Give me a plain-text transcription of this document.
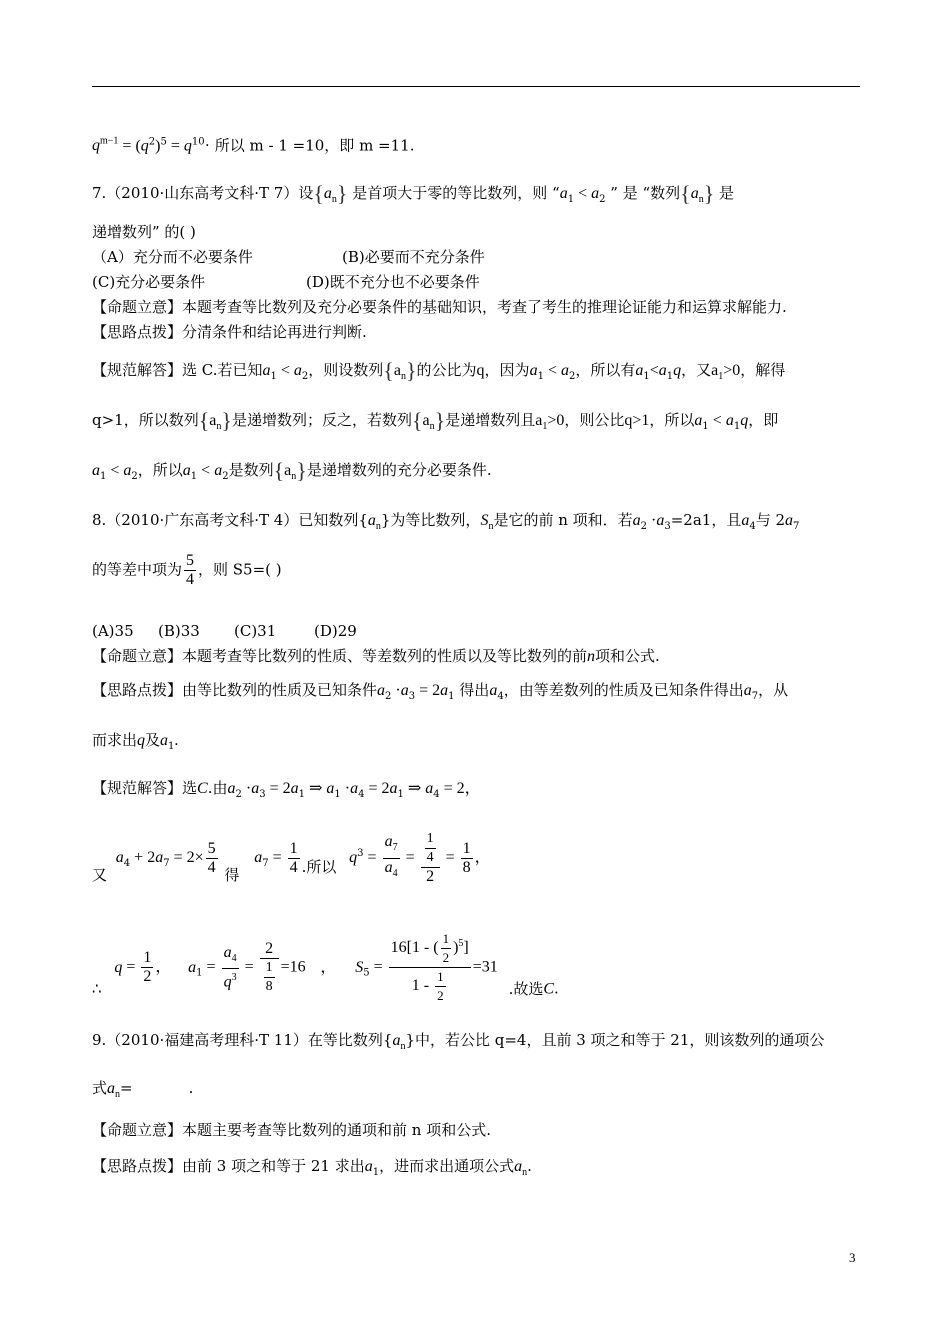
$q^{m-1} = (q^2)^5 = q^{10}\cdot$ 所以 m - 1 =10，即 m =11.
7.（2010·山东高考文科·T 7）设$\{a_n\}$ 是首项大于零的等比数列，则 “$a_1 < a_2$ ” 是 “数列$\{a_n\}$ 是
递增数列” 的( )
（A）充分而不必要条件	(B)必要而不充分条件
(C)充分必要条件	(D)既不充分也不必要条件
【命题立意】本题考查等比数列及充分必要条件的基础知识，考查了考生的推理论证能力和运算求解能力.
【思路点拨】分清条件和结论再进行判断.
【规范解答】选 C.若已知$a_1 < a_2$，则设数列$\{a_n\}$的公比为q，因为$a_1 < a_2$，所以有$a_1<a_1q$，又$a_1>0$，解得
q>1，所以数列$\{a_n\}$是递增数列；反之，若数列$\{a_n\}$是递增数列且$a_1>0$，则公比q>1，所以$a_1 < a_1q$，即
$a_1 < a_2$，所以$a_1 < a_2$是数列$\{a_n\}$是递增数列的充分必要条件.
8.（2010·广东高考文科·T 4）已知数列$\{a_n\}$为等比数列，$S_n$是它的前 n 项和．若$a_2 \cdot a_3=2a1$，且$a_4$与 $2a_7$
的等差中项为 $\frac{5}{4}$ ，则 S5=( )
(A)35 (B)33 (C)31	(D)29
【命题立意】本题考查等比数列的性质、等差数列的性质以及等比数列的前n项和公式.
【思路点拨】由等比数列的性质及已知条件$a_2 \cdot a_3 = 2a_1$ 得出$a_4$，由等差数列的性质及已知条件得出$a_7$，从
而求出q及$a_1$.
【规范解答】选C.由$a_2 \cdot a_3 = 2a_1$ ⇒ $a_1 \cdot a_4 = 2a_1$ ⇒ $a_4 = 2$，
又 $a_4 + 2a_7 = 2\times \frac{5}{4}$ 得 $a_7 = \frac{1}{4}$ .所以 $q^3 = \frac{a_7}{a_4} = \frac{\frac{1}{4}}{2} = \frac{1}{8}$ ，
∴ $q = \frac{1}{2}$ ， $a_1 = \frac{a_4}{q^3} = \frac{2}{\frac{1}{8}} =16$ ， $S_5 = \frac{16[1 - ( \frac{1}{2} )^5]}{1 - \frac{1}{2}} =31$ .故选C.
9.（2010·福建高考理科·T 11）在等比数列$\{a_n\}$中，若公比 q=4，且前 3 项之和等于 21，则该数列的通项公
式$a_n=$	.
【命题立意】本题主要考查等比数列的通项和前 n 项和公式.
【思路点拨】由前 3 项之和等于 21 求出$a_1$，进而求出通项公式$a_n$.
3
